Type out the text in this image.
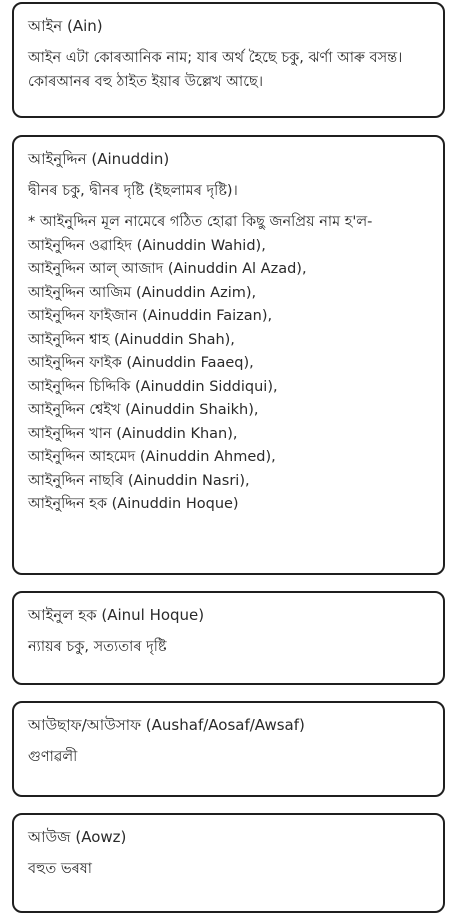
আইন (Ain)
আইন এটা কোৰআনিক নাম; যাৰ অৰ্থ হৈছে চকু, ঝৰ্ণা আৰু বসন্ত। কোৰআনৰ বহু ঠাইত ইয়াৰ উল্লেখ আছে।
আইনুদ্দিন (Ainuddin)
দ্বীনৰ চকু, দ্বীনৰ দৃষ্টি (ইছলামৰ দৃষ্টি)।
* আইনুদ্দিন মূল নামেৰে গঠিত হোৱা কিছু জনপ্ৰিয় নাম হ'ল-
আইনুদ্দিন ওৱাহিদ (Ainuddin Wahid),
আইনুদ্দিন আল্ আজাদ (Ainuddin Al Azad),
আইনুদ্দিন আজিম (Ainuddin Azim),
আইনুদ্দিন ফাইজান (Ainuddin Faizan),
আইনুদ্দিন শ্বাহ (Ainuddin Shah),
আইনুদ্দিন ফাইক (Ainuddin Faaeq),
আইনুদ্দিন চিদ্দিকি (Ainuddin Siddiqui),
আইনুদ্দিন শ্বেইখ (Ainuddin Shaikh),
আইনুদ্দিন খান (Ainuddin Khan),
আইনুদ্দিন আহমেদ (Ainuddin Ahmed),
আইনুদ্দিন নাছৰি (Ainuddin Nasri),
আইনুদ্দিন হক (Ainuddin Hoque)
আইনুল হক (Ainul Hoque)
ন্যায়ৰ চকু, সত্যতাৰ দৃষ্টি
আউছাফ/আউসাফ (Aushaf/Aosaf/Awsaf)
গুণাৱলী
আউজ (Aowz)
বহুত ভৰষা
